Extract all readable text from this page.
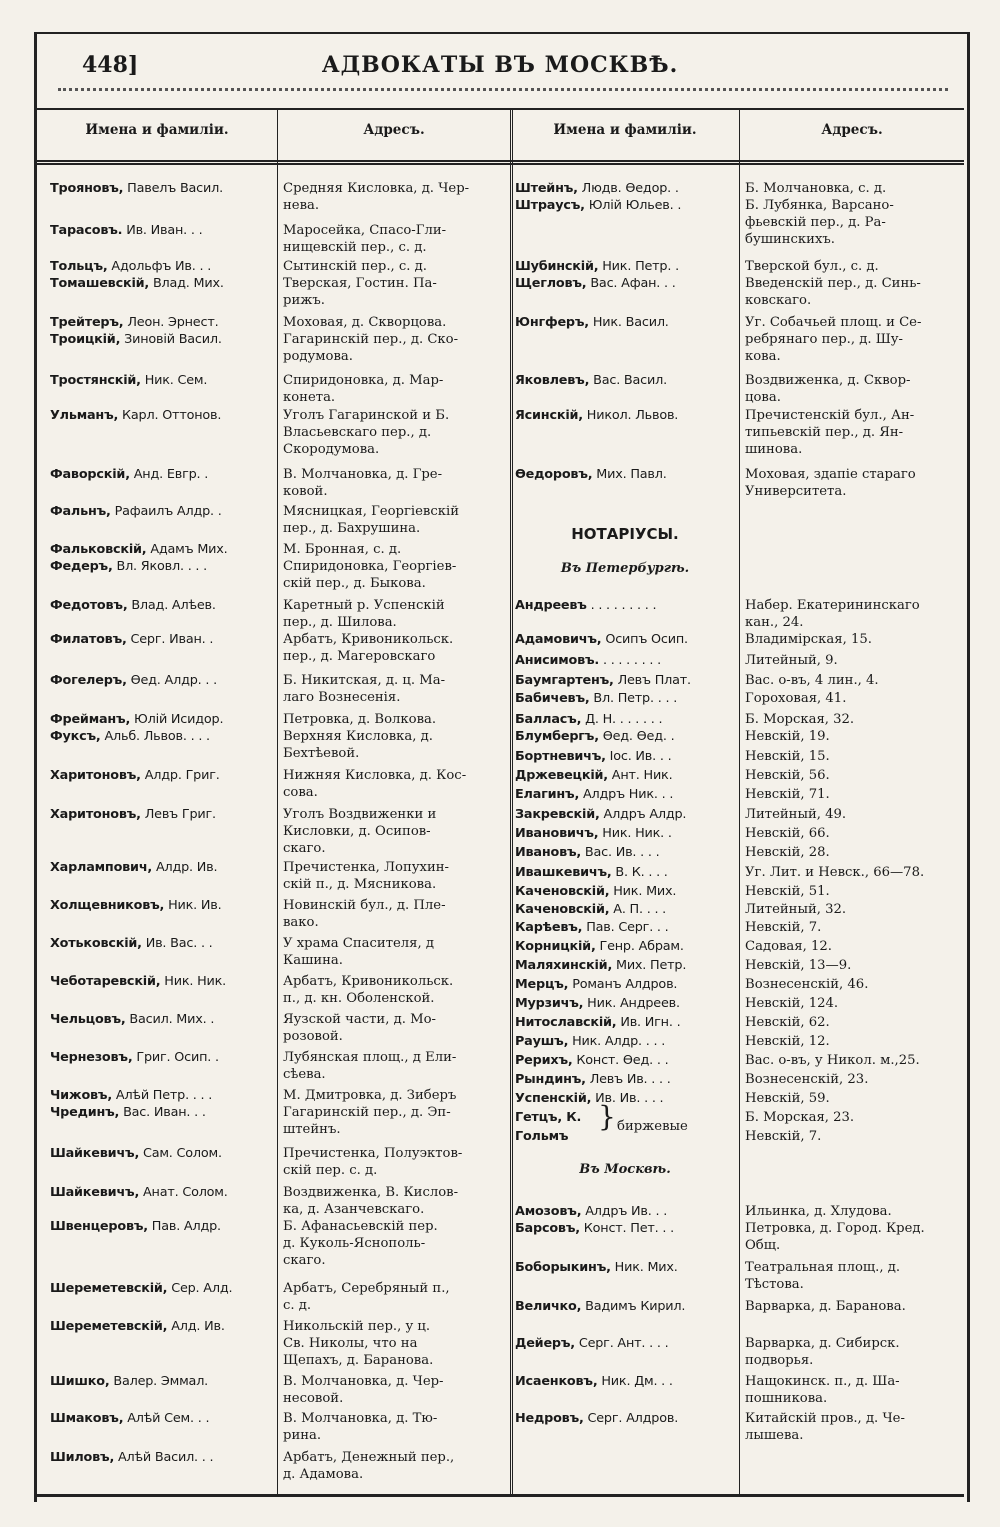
448]	АДВОКАТЫ ВЪ МОСКВѢ.
Имена и фамиліи.	Адресъ.	Имена и фамиліи.	Адресъ.
Трояновъ, Павелъ Васил.	Средняя Кисловка, д. Чер-
нева.
Тарасовъ. Ив. Иван. . .	Маросейка, Спасо-Гли-
нищевскій пер., с. д.
Тольцъ, Адольфъ Ив. . .	Сытинскій пер., с. д.
Томашевскій, Влад. Мих.	Тверская, Гостин. Па-
рижъ.
Трейтеръ, Леон. Эрнест.	Моховая, д. Скворцова.
Троицкій, Зиновій Васил.	Гагаринскій пер., д. Ско-
родумова.
Тростянскій, Ник. Сем.	Спиридоновка, д. Мар-
конета.
Ульманъ, Карл. Оттонов.	Уголъ Гагаринской и Б.
Власьевскаго пер., д.
Скородумова.
Фаворскій, Анд. Евгр. .	В. Молчановка, д. Гре-
ковой.
Фальнъ, Рафаилъ Алдр. .	Мясницкая, Георгіевскій
пер., д. Бахрушина.
Фальковскій, Адамъ Мих.	М. Бронная, с. д.
Федеръ, Вл. Яковл. . . .	Спиридоновка, Георгіев-
скій пер., д. Быкова.
Федотовъ, Влад. Алѣев.	Каретный р. Успенскій
пер., д. Шилова.
Филатовъ, Серг. Иван. .	Арбатъ, Кривоникольск.
пер., д. Магеровскаго
Фогелеръ, Ѳед. Алдр. . .	Б. Никитская, д. ц. Ма-
лаго Вознесенія.
Фрейманъ, Юлій Исидор.	Петровка, д. Волкова.
Фуксъ, Альб. Львов. . . .	Верхняя Кисловка, д.
Бехтѣевой.
Харитоновъ, Алдр. Григ.	Нижняя Кисловка, д. Кос-
сова.
Харитоновъ, Левъ Григ.	Уголъ Воздвиженки и
Кисловки, д. Осипов-
скаго.
Харлампович, Алдр. Ив.	Пречистенка, Лопухин-
скій п., д. Мясникова.
Холщевниковъ, Ник. Ив.	Новинскій бул., д. Пле-
вако.
Хотьковскій, Ив. Вас. . .	У храма Спасителя, д
Кашина.
Чеботаревскій, Ник. Ник.	Арбатъ, Кривоникольск.
п., д. кн. Оболенской.
Чельцовъ, Васил. Мих. .	Яузской части, д. Мо-
розовой.
Чернезовъ, Григ. Осип. .	Лубянская площ., д Ели-
сѣева.
Чижовъ, Алѣй Петр. . . .	М. Дмитровка, д. Зиберъ
Чрединъ, Вас. Иван. . .	Гагаринскій пер., д. Эп-
штейнъ.
Шайкевичъ, Сам. Солом.	Пречистенка, Полуэктов-
скій пер. с. д.
Шайкевичъ, Анат. Солом.	Воздвиженка, В. Кислов-
ка, д. Азанчевскаго.
Швенцеровъ, Пав. Алдр.	Б. Афанасьевскій пер.
д. Куколь-Яснополь-
скаго.
Шереметевскій, Сер. Алд.	Арбатъ, Серебряный п.,
с. д.
Шереметевскій, Алд. Ив.	Никольскій пер., у ц.
Св. Николы, что на
Щепахъ, д. Баранова.
Шишко, Валер. Эммал.	В. Молчановка, д. Чер-
несовой.
Шмаковъ, Алѣй Сем. . .	В. Молчановка, д. Тю-
рина.
Шиловъ, Алѣй Васил. . .	Арбатъ, Денежный пер.,
д. Адамова.
Штейнъ, Людв. Ѳедор. .	Б. Молчановка, с. д.
Штраусъ, Юлій Юльев. .	Б. Лубянка, Варсано-
фьевскій пер., д. Ра-
бушинскихъ.
Шубинскій, Ник. Петр. .	Тверской бул., с. д.
Щегловъ, Вас. Афан. . .	Введенскій пер., д. Синь-
ковскаго.
Юнгферъ, Ник. Васил.	Уг. Собачьей площ. и Се-
ребрянаго пер., д. Шу-
кова.
Яковлевъ, Вас. Васил.	Воздвиженка, д. Сквор-
цова.
Ясинскій, Никол. Львов.	Пречистенскій бул., Ан-
типьевскій пер., д. Ян-
шинова.
Ѳедоровъ, Мих. Павл.	Моховая, здапіе стараго
Университета.
Андреевъ . . . . . . . . .	Набер. Екатерининскаго
кан., 24.
Адамовичъ, Осипъ Осип.	Владимірская, 15.
Анисимовъ. . . . . . . . .	Литейный, 9.
Баумгартенъ, Левъ Плат.	Вас. о-въ, 4 лин., 4.
Бабичевъ, Вл. Петр. . . .	Гороховая, 41.
Балласъ, Д. Н. . . . . . .	Б. Морская, 32.
Блумбергъ, Ѳед. Ѳед. .	Невскій, 19.
Бортневичъ, Іос. Ив. . .	Невскій, 15.
Држевецкій, Ант. Ник.	Невскій, 56.
Елагинъ, Алдръ Ник. . .	Невскій, 71.
Закревскій, Алдръ Алдр.	Литейный, 49.
Ивановичъ, Ник. Ник. .	Невскій, 66.
Ивановъ, Вас. Ив. . . .	Невскій, 28.
Ивашкевичъ, В. К. . . .	Уг. Лит. и Невск., 66—78.
Каченовскій, Ник. Мих.	Невскій, 51.
Каченовскій, А. П. . . .	Литейный, 32.
Карѣевъ, Пав. Серг. . .	Невскій, 7.
Корницкій, Генр. Абрам.	Садовая, 12.
Маляхинскій, Мих. Петр.	Невскій, 13—9.
Мерцъ, Романъ Алдров.	Вознесенскій, 46.
Мурзичъ, Ник. Андреев.	Невскій, 124.
Нитославскій, Ив. Игн. .	Невскій, 62.
Раушъ, Ник. Алдр. . . .	Невскій, 12.
Рерихъ, Конст. Ѳед. . .	Вас. о-въ, у Никол. м.,25.
Рындинъ, Левъ Ив. . . .	Вознесенскій, 23.
Успенскій, Ив. Ив. . . .	Невскій, 59.
Гетцъ, К.	Б. Морская, 23.
Гольмъ	Невскій, 7.
Амозовъ, Алдръ Ив. . .	Ильинка, д. Хлудова.
Барсовъ, Конст. Пет. . .	Петровка, д. Город. Кред.
Общ.
Боборыкинъ, Ник. Мих.	Театральная площ., д.
Тѣстова.
Величко, Вадимъ Кирил.	Варварка, д. Баранова.
Дейеръ, Серг. Ант. . . .	Варварка, д. Сибирск.
подворья.
Исаенковъ, Ник. Дм. . .	Нащокинск. п., д. Ша-
пошникова.
Недровъ, Серг. Алдров.	Китайскій пров., д. Че-
лышева.
НОТАРІУСЫ.
Въ Петербургѣ.
Въ Москвѣ.
} биржевые
